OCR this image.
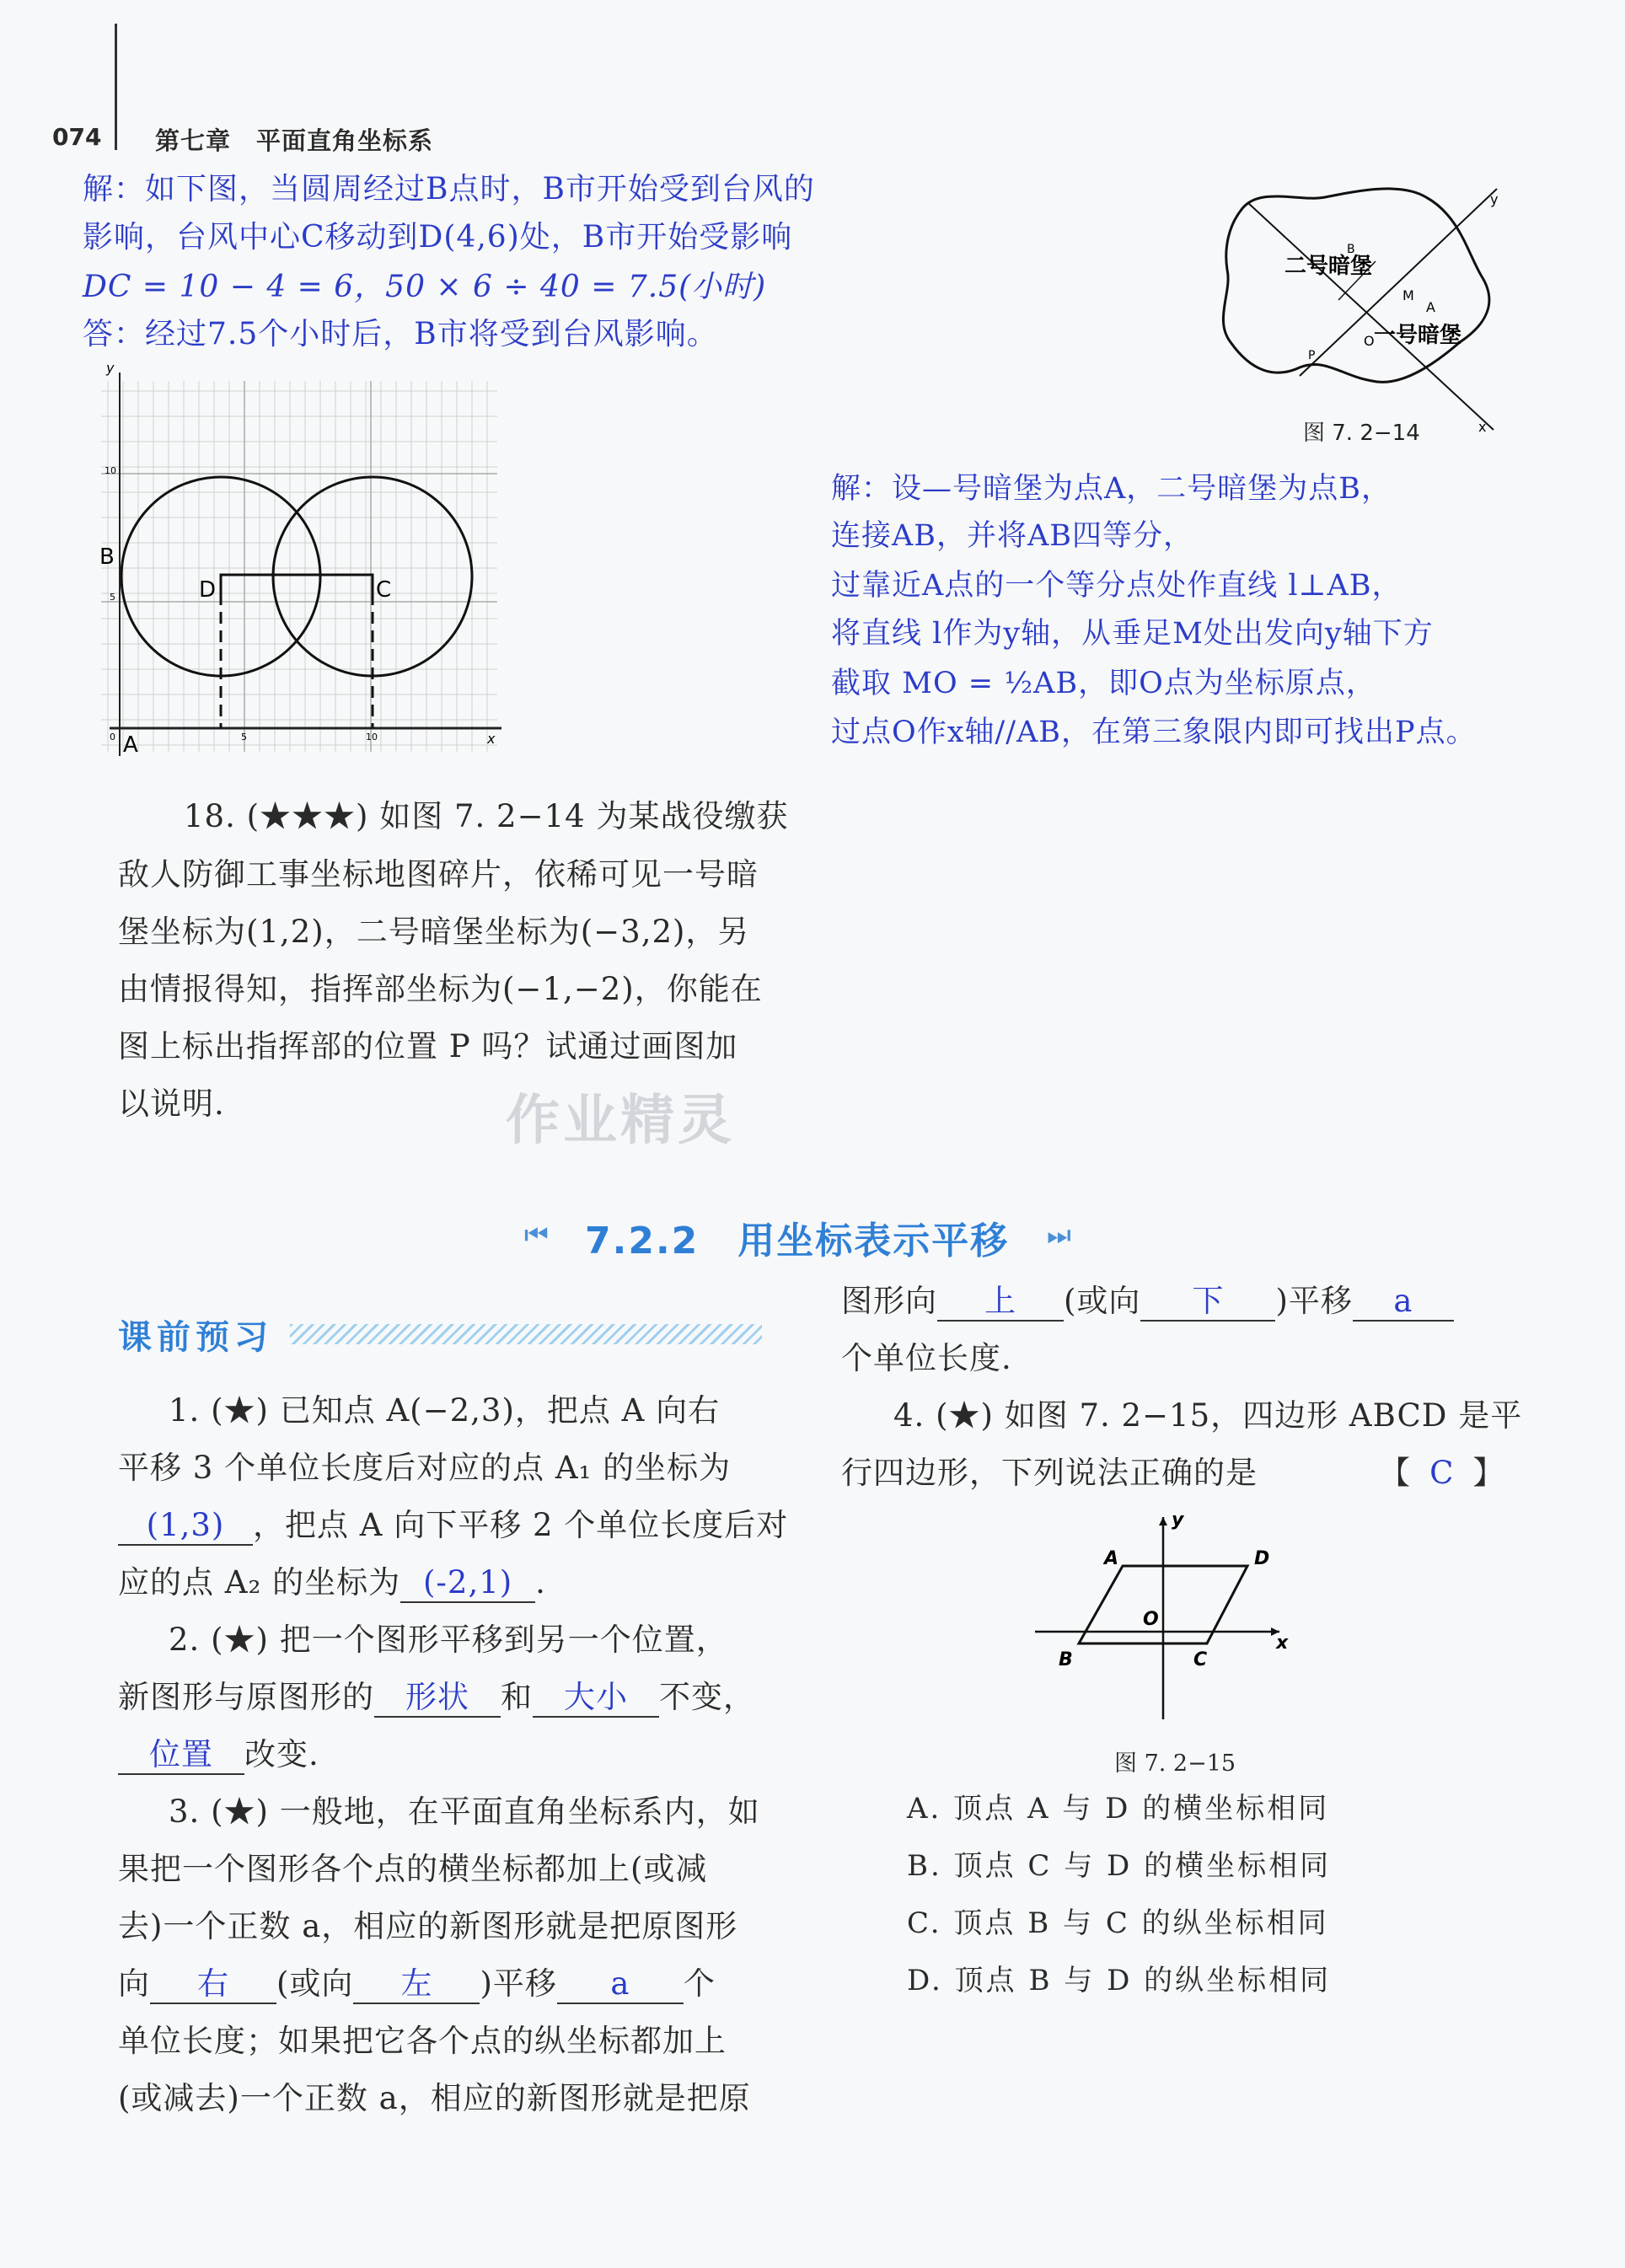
074 第七章　平面直角坐标系
解：如下图，当圆周经过B点时，B市开始受到台风的
影响，台风中心C移动到D(4,6)处，B市开始受影响
DC = 10 − 4 = 6，50 × 6 ÷ 40 = 7.5(小时)
答：经过7.5个小时后，B市将受到台风影响。
y
x
0	5	10
10
5
B
D	C
A
y
x
二号暗堡
一号暗堡
B
M
A
O
P
图 7. 2−14
解：设—号暗堡为点A，二号暗堡为点B，
连接AB，并将AB四等分，
过靠近A点的一个等分点处作直线 l⊥AB，
将直线 l作为y轴，从垂足M处出发向y轴下方
截取 MO = ½AB，即O点为坐标原点，
过点O作x轴//AB，在第三象限内即可找出P点。
18. (★★★) 如图 7. 2−14 为某战役缴获
敌人防御工事坐标地图碎片，依稀可见一号暗
堡坐标为(1,2)，二号暗堡坐标为(−3,2)，另
由情报得知，指挥部坐标为(−1,−2)，你能在
图上标出指挥部的位置 P 吗？试通过画图加
以说明.	作业精灵
⏮ 7.2.2　用坐标表示平移 ⏭
课前预习
1. (★) 已知点 A(−2,3)，把点 A 向右
平移 3 个单位长度后对应的点 A₁ 的坐标为
(1,3) ，把点 A 向下平移 2 个单位长度后对
应的点 A₂ 的坐标为 (-2,1) .
2. (★) 把一个图形平移到另一个位置，
新图形与原图形的 形状 和 大小 不变，
位置 改变.
3. (★) 一般地，在平面直角坐标系内，如
果把一个图形各个点的横坐标都加上(或减
去)一个正数 a，相应的新图形就是把原图形
向 右 (或向 左 )平移 a 个
单位长度；如果把它各个点的纵坐标都加上
(或减去)一个正数 a，相应的新图形就是把原
图形向 上 (或向 下 )平移 a
个单位长度.
4. (★) 如图 7. 2−15，四边形 ABCD 是平
行四边形，下列说法正确的是	【 C 】
y
x
A	D
B	C
O
图 7. 2−15
A. 顶点 A 与 D 的横坐标相同
B. 顶点 C 与 D 的横坐标相同
C. 顶点 B 与 C 的纵坐标相同
D. 顶点 B 与 D 的纵坐标相同
